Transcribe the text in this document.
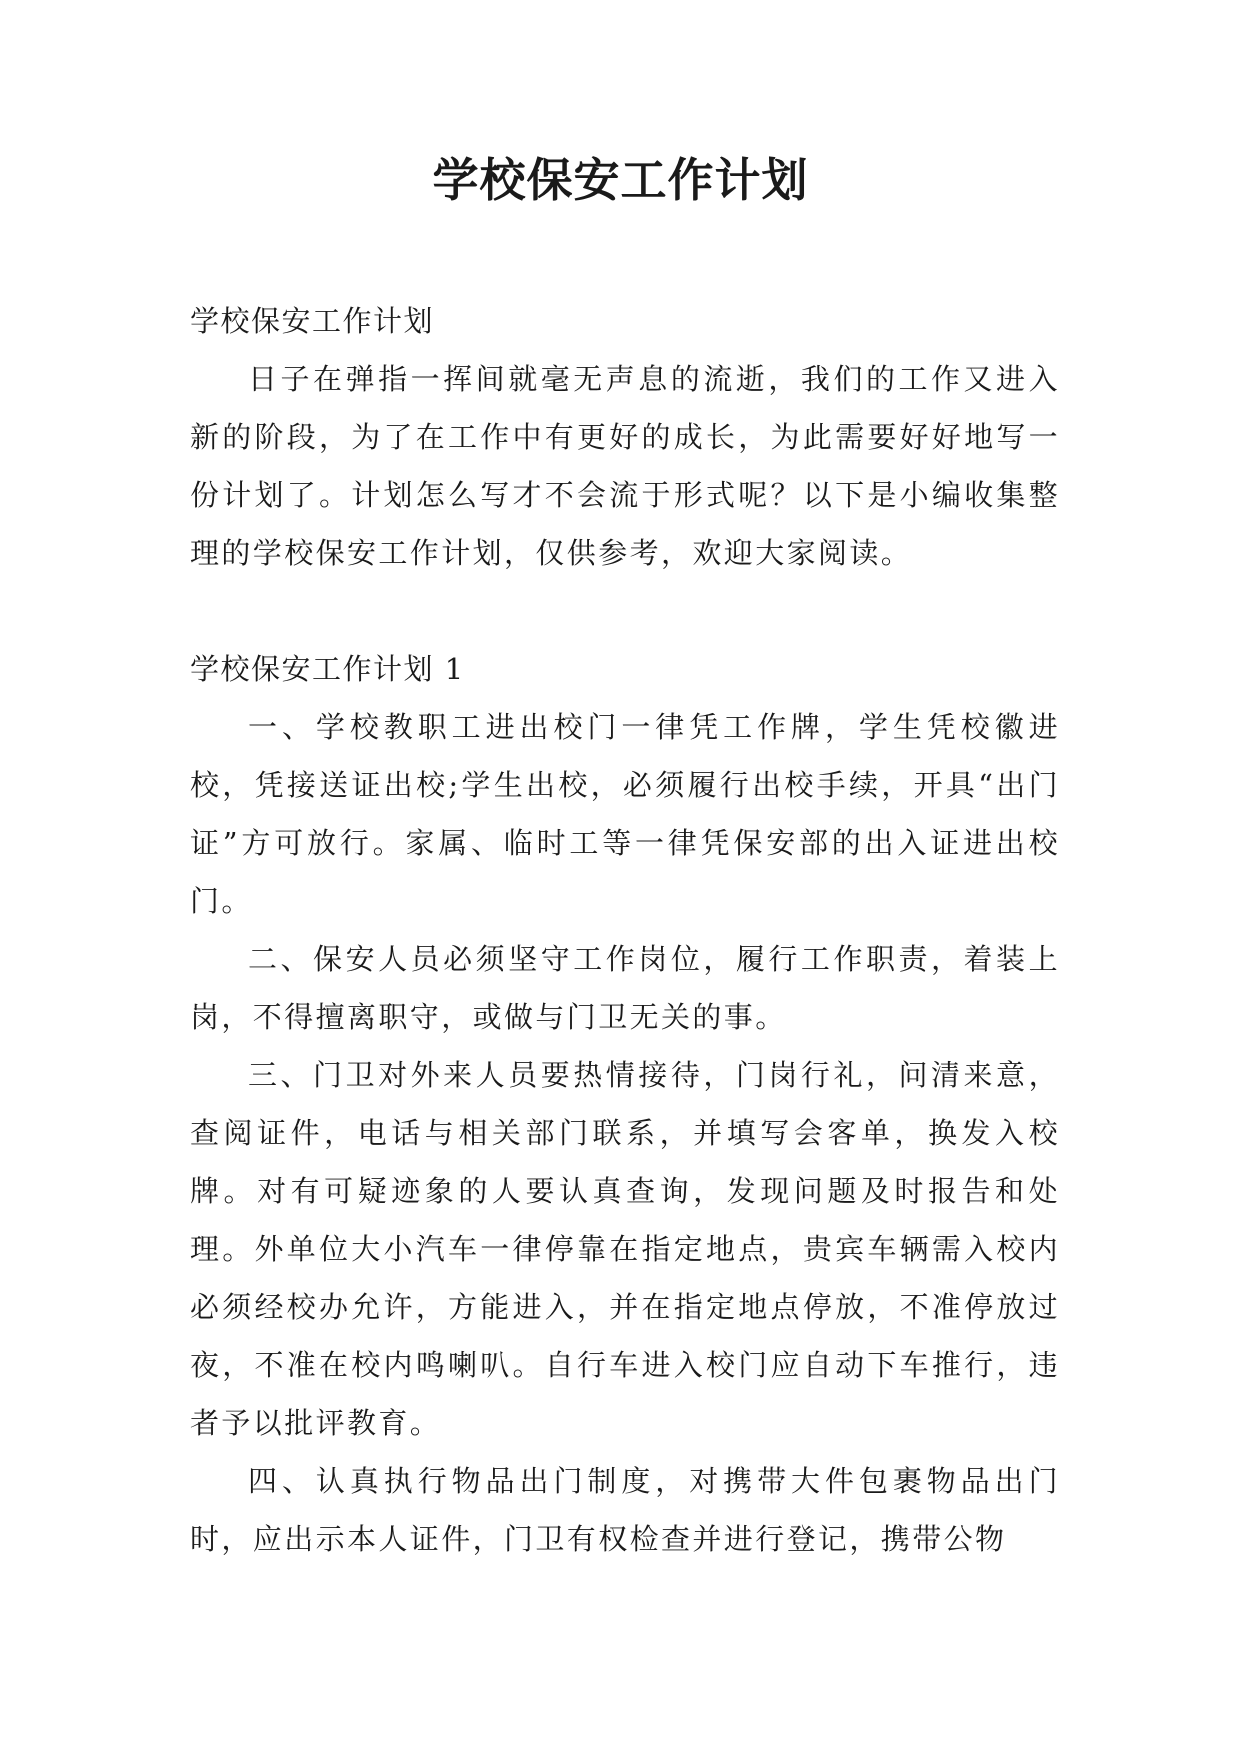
学校保安工作计划

学校保安工作计划

日子在弹指一挥间就毫无声息的流逝，我们的工作又进入新的阶段，为了在工作中有更好的成长，为此需要好好地写一份计划了。计划怎么写才不会流于形式呢？以下是小编收集整理的学校保安工作计划，仅供参考，欢迎大家阅读。

学校保安工作计划 1

一、学校教职工进出校门一律凭工作牌，学生凭校徽进校，凭接送证出校;学生出校，必须履行出校手续，开具“出门证”方可放行。家属、临时工等一律凭保安部的出入证进出校门。

二、保安人员必须坚守工作岗位，履行工作职责，着装上岗，不得擅离职守，或做与门卫无关的事。

三、门卫对外来人员要热情接待，门岗行礼，问清来意，查阅证件，电话与相关部门联系，并填写会客单，换发入校牌。对有可疑迹象的人要认真查询，发现问题及时报告和处理。外单位大小汽车一律停靠在指定地点，贵宾车辆需入校内必须经校办允许，方能进入，并在指定地点停放，不准停放过夜，不准在校内鸣喇叭。自行车进入校门应自动下车推行，违者予以批评教育。

四、认真执行物品出门制度，对携带大件包裹物品出门时，应出示本人证件，门卫有权检查并进行登记，携带公物
